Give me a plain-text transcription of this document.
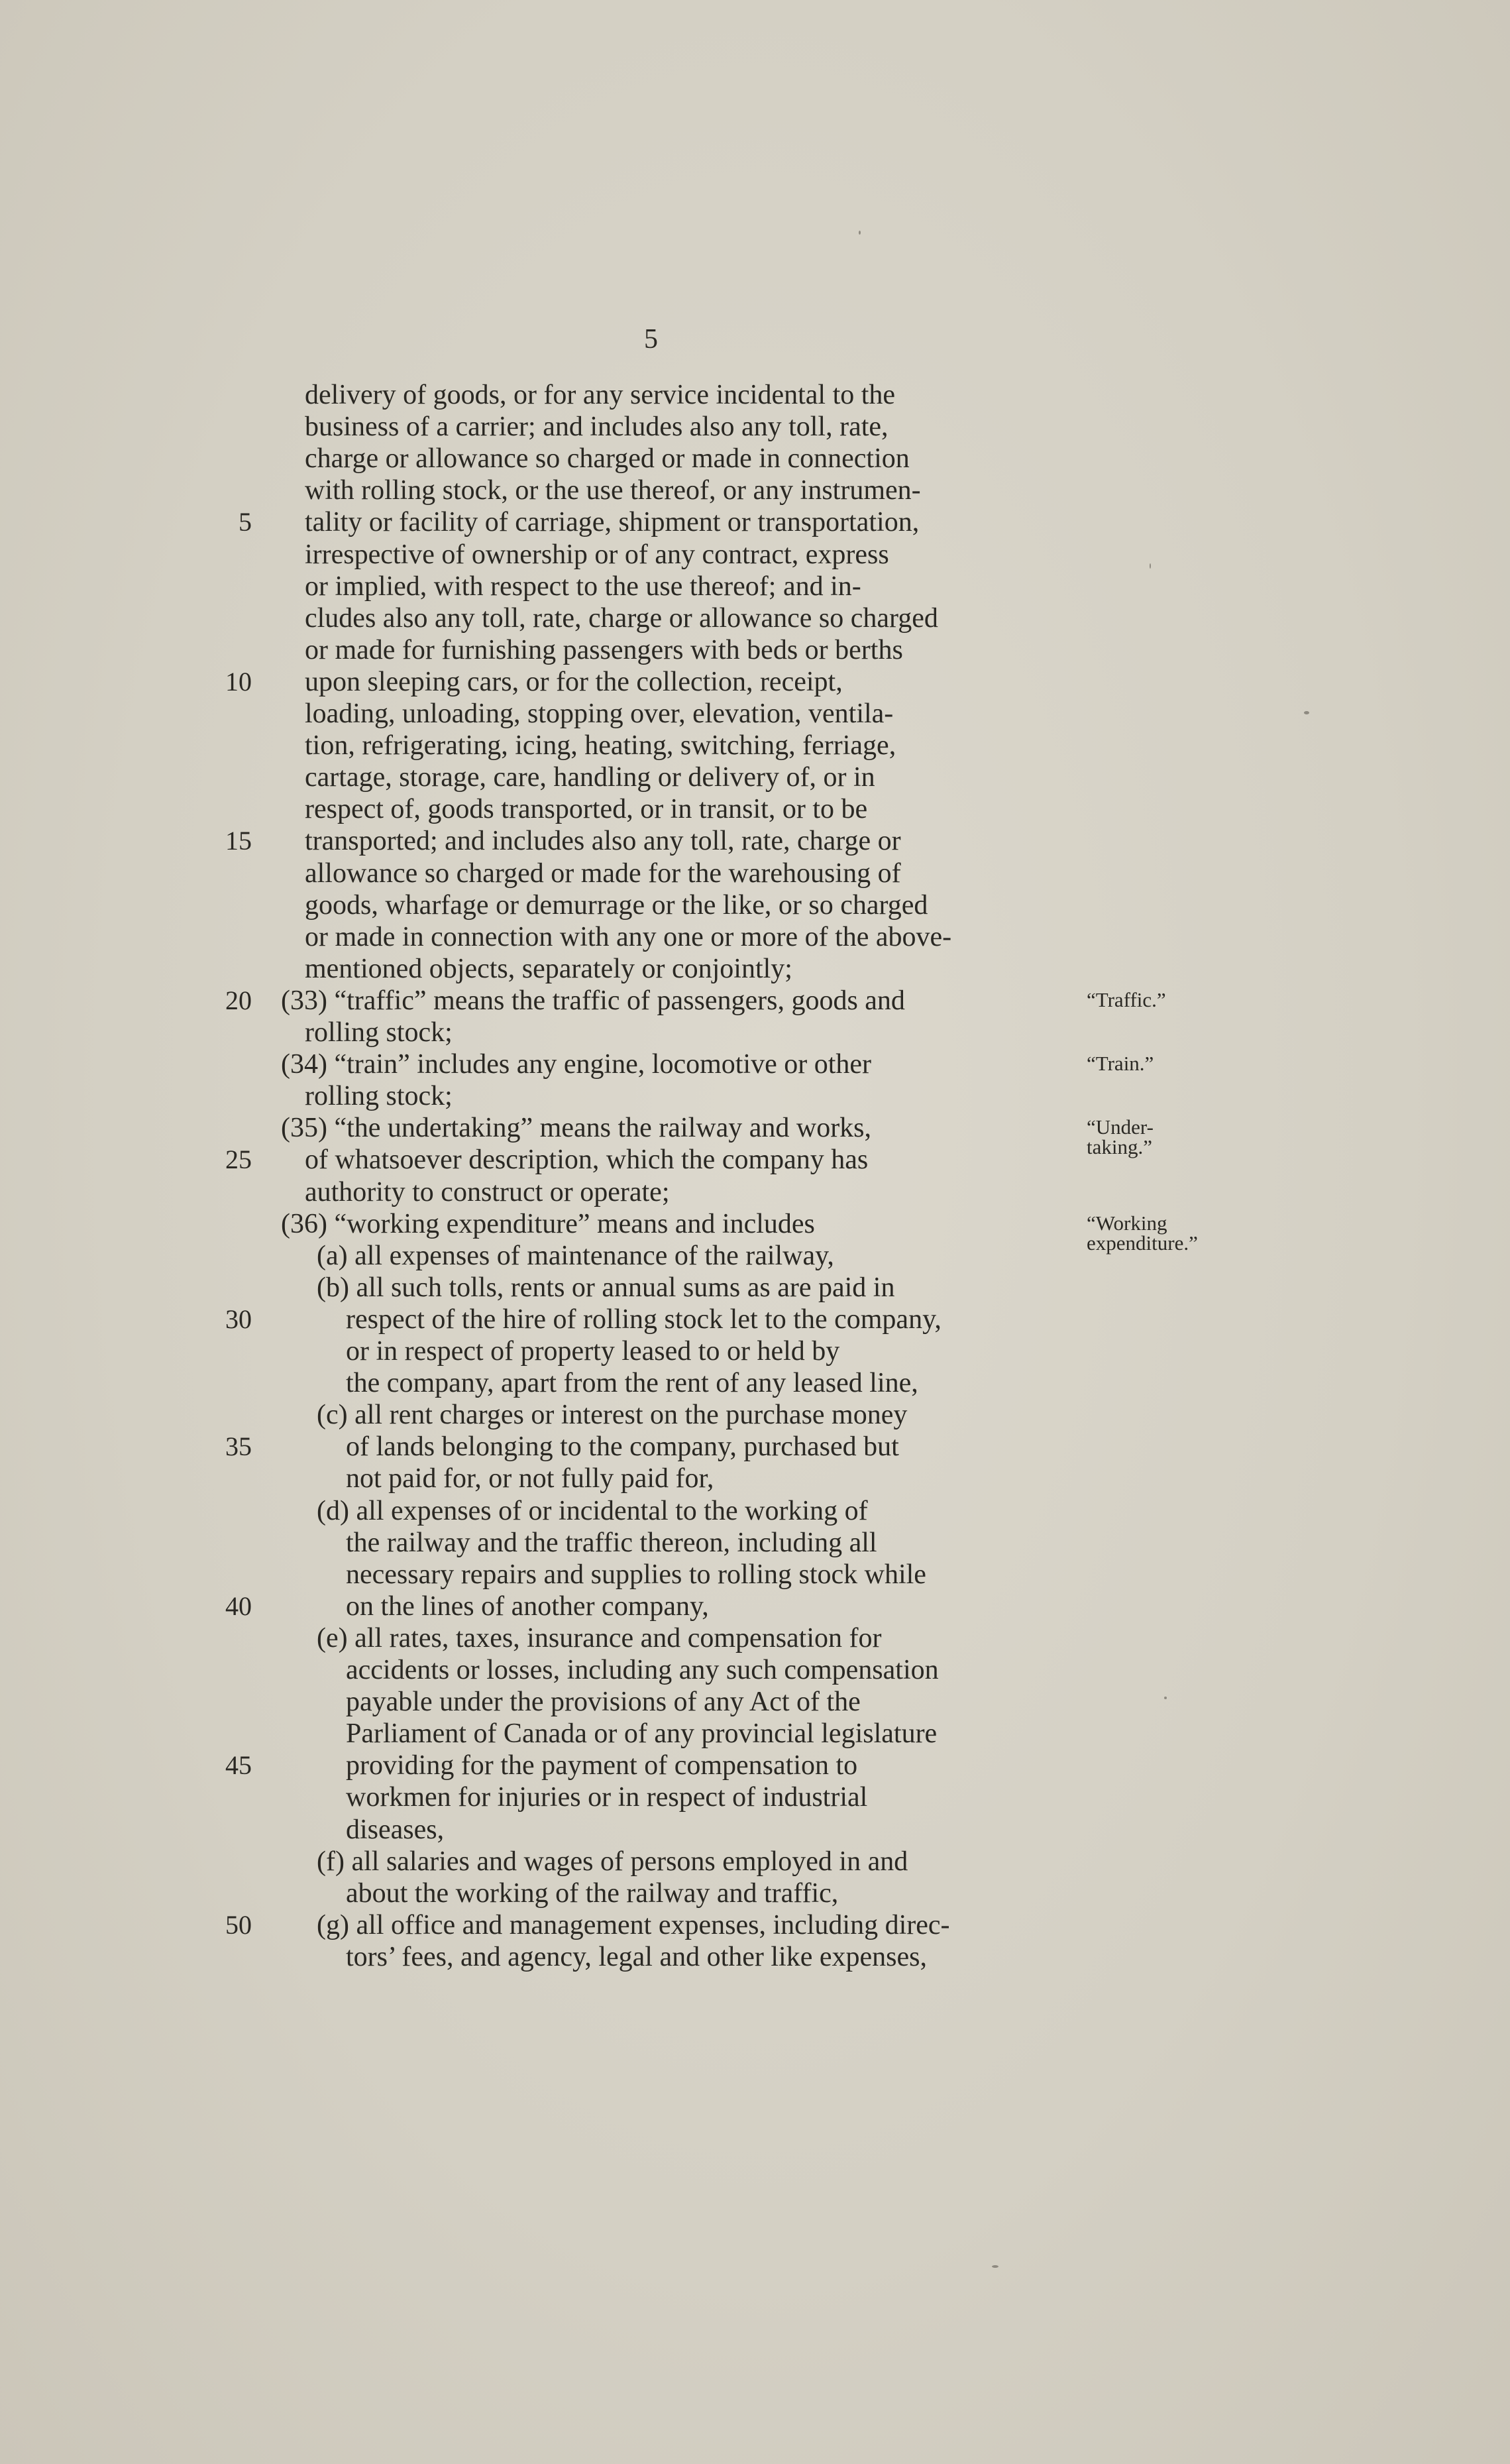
5
delivery of goods, or for any service incidental to the
business of a carrier; and includes also any toll, rate,
charge or allowance so charged or made in connection
with rolling stock, or the use thereof, or any instrumen-
5 tality or facility of carriage, shipment or transportation,
irrespective of ownership or of any contract, express
or implied, with respect to the use thereof; and in-
cludes also any toll, rate, charge or allowance so charged
or made for furnishing passengers with beds or berths
10 upon sleeping cars, or for the collection, receipt,
loading, unloading, stopping over, elevation, ventila-
tion, refrigerating, icing, heating, switching, ferriage,
cartage, storage, care, handling or delivery of, or in
respect of, goods transported, or in transit, or to be
15 transported; and includes also any toll, rate, charge or
allowance so charged or made for the warehousing of
goods, wharfage or demurrage or the like, or so charged
or made in connection with any one or more of the above-
mentioned objects, separately or conjointly;
20 (33) “traffic” means the traffic of passengers, goods and
rolling stock;
(34) “train” includes any engine, locomotive or other
rolling stock;
(35) “the undertaking” means the railway and works,
25 of whatsoever description, which the company has
authority to construct or operate;
(36) “working expenditure” means and includes
(a) all expenses of maintenance of the railway,
(b) all such tolls, rents or annual sums as are paid in
30	respect of the hire of rolling stock let to the company,
or in respect of property leased to or held by
the company, apart from the rent of any leased line,
(c) all rent charges or interest on the purchase money
35	of lands belonging to the company, purchased but
not paid for, or not fully paid for,
(d) all expenses of or incidental to the working of
the railway and the traffic thereon, including all
necessary repairs and supplies to rolling stock while
40	on the lines of another company,
(e) all rates, taxes, insurance and compensation for
accidents or losses, including any such compensation
payable under the provisions of any Act of the
Parliament of Canada or of any provincial legislature
45	providing for the payment of compensation to
workmen for injuries or in respect of industrial
diseases,
(f) all salaries and wages of persons employed in and
about the working of the railway and traffic,
50 (g) all office and management expenses, including direc-
tors’ fees, and agency, legal and other like expenses,
“Traffic.”
“Train.”
“Under-
taking.”
“Working
expenditure.”
